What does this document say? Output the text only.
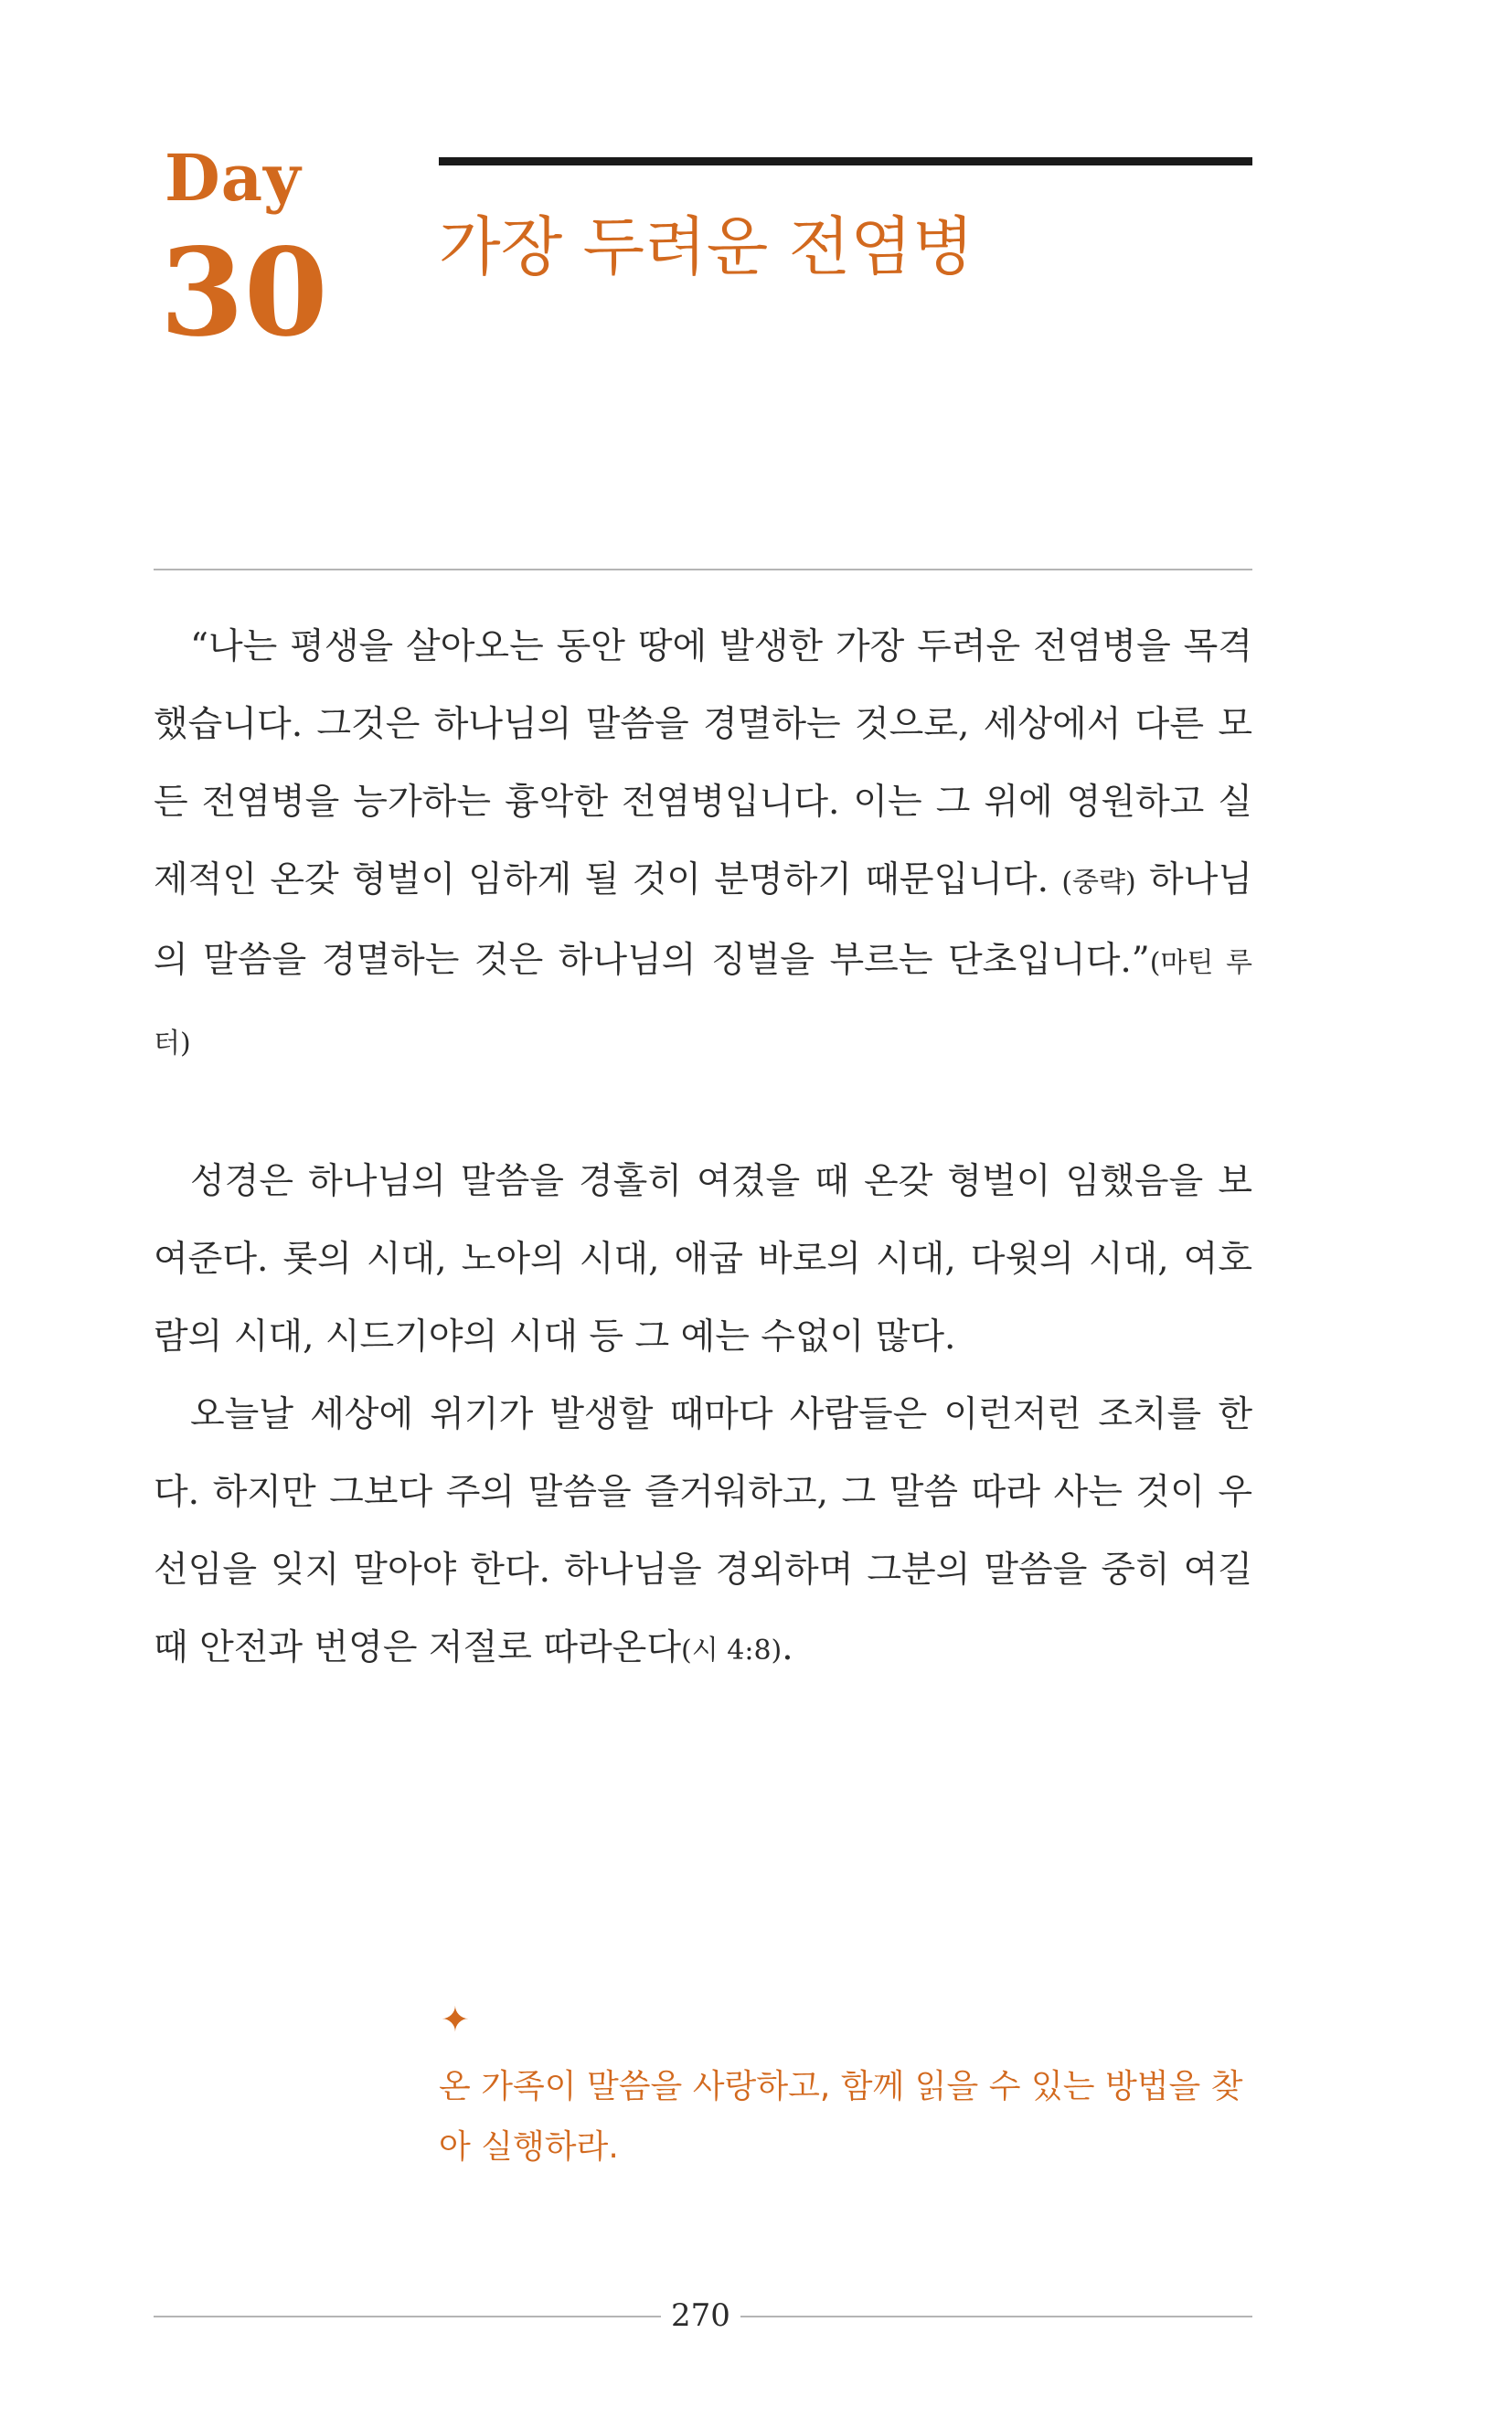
Day
30 가장 두려운 전염병

“나는 평생을 살아오는 동안 땅에 발생한 가장 두려운 전염병을 목격했습니다. 그것은 하나님의 말씀을 경멸하는 것으로, 세상에서 다른 모든 전염병을 능가하는 흉악한 전염병입니다. 이는 그 위에 영원하고 실제적인 온갖 형벌이 임하게 될 것이 분명하기 때문입니다. (중략) 하나님의 말씀을 경멸하는 것은 하나님의 징벌을 부르는 단초입니다.”(마틴 루터)

성경은 하나님의 말씀을 경홀히 여겼을 때 온갖 형벌이 임했음을 보여준다. 롯의 시대, 노아의 시대, 애굽 바로의 시대, 다윗의 시대, 여호람의 시대, 시드기야의 시대 등 그 예는 수없이 많다.

오늘날 세상에 위기가 발생할 때마다 사람들은 이런저런 조치를 한다. 하지만 그보다 주의 말씀을 즐거워하고, 그 말씀 따라 사는 것이 우선임을 잊지 말아야 한다. 하나님을 경외하며 그분의 말씀을 중히 여길 때 안전과 번영은 저절로 따라온다(시 4:8).

✦
온 가족이 말씀을 사랑하고, 함께 읽을 수 있는 방법을 찾아 실행하라.
270
